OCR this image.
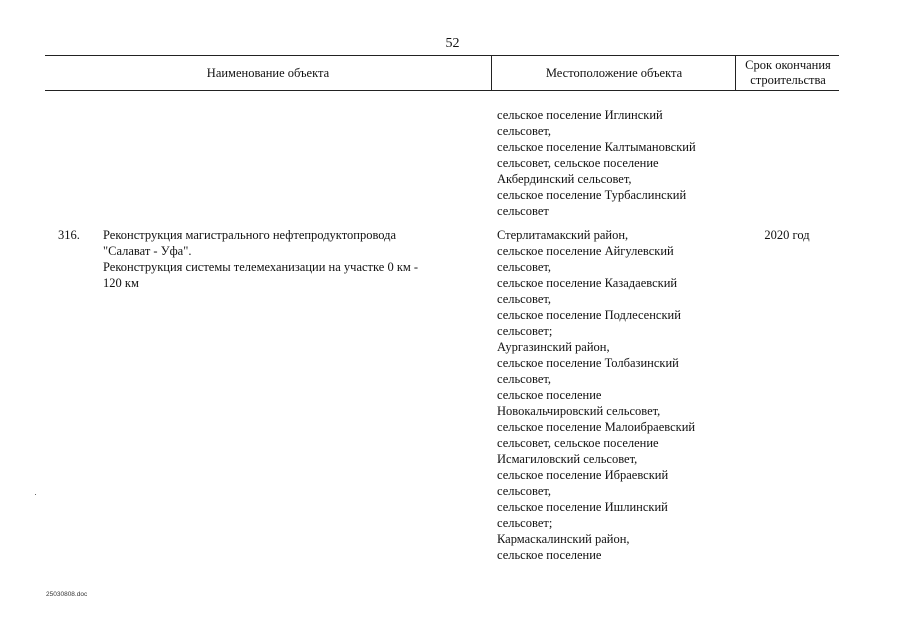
52
Наименование объекта	Местоположение объекта
Срок окончания
строительства
сельское поселение Иглинский
сельсовет,
сельское поселение Калтымановский
сельсовет, сельское поселение
Акбердинский сельсовет,
сельское поселение Турбаслинский
сельсовет
316. Реконструкция магистрального нефтепродуктопровода
"Салават - Уфа".
Реконструкция системы телемеханизации на участке 0 км -
120 км
Стерлитамакский район,
сельское поселение Айгулевский
сельсовет,
сельское поселение Казадаевский
сельсовет,
сельское поселение Подлесенский
сельсовет;
Аургазинский район,
сельское поселение Толбазинский
сельсовет,
сельское поселение
Новокальчировский сельсовет,
сельское поселение Малоибраевский
сельсовет, сельское поселение
Исмагиловский сельсовет,
сельское поселение Ибраевский
сельсовет,
сельское поселение Ишлинский
сельсовет;
Кармаскалинский район,
сельское поселение
2020 год
25030808.doc
